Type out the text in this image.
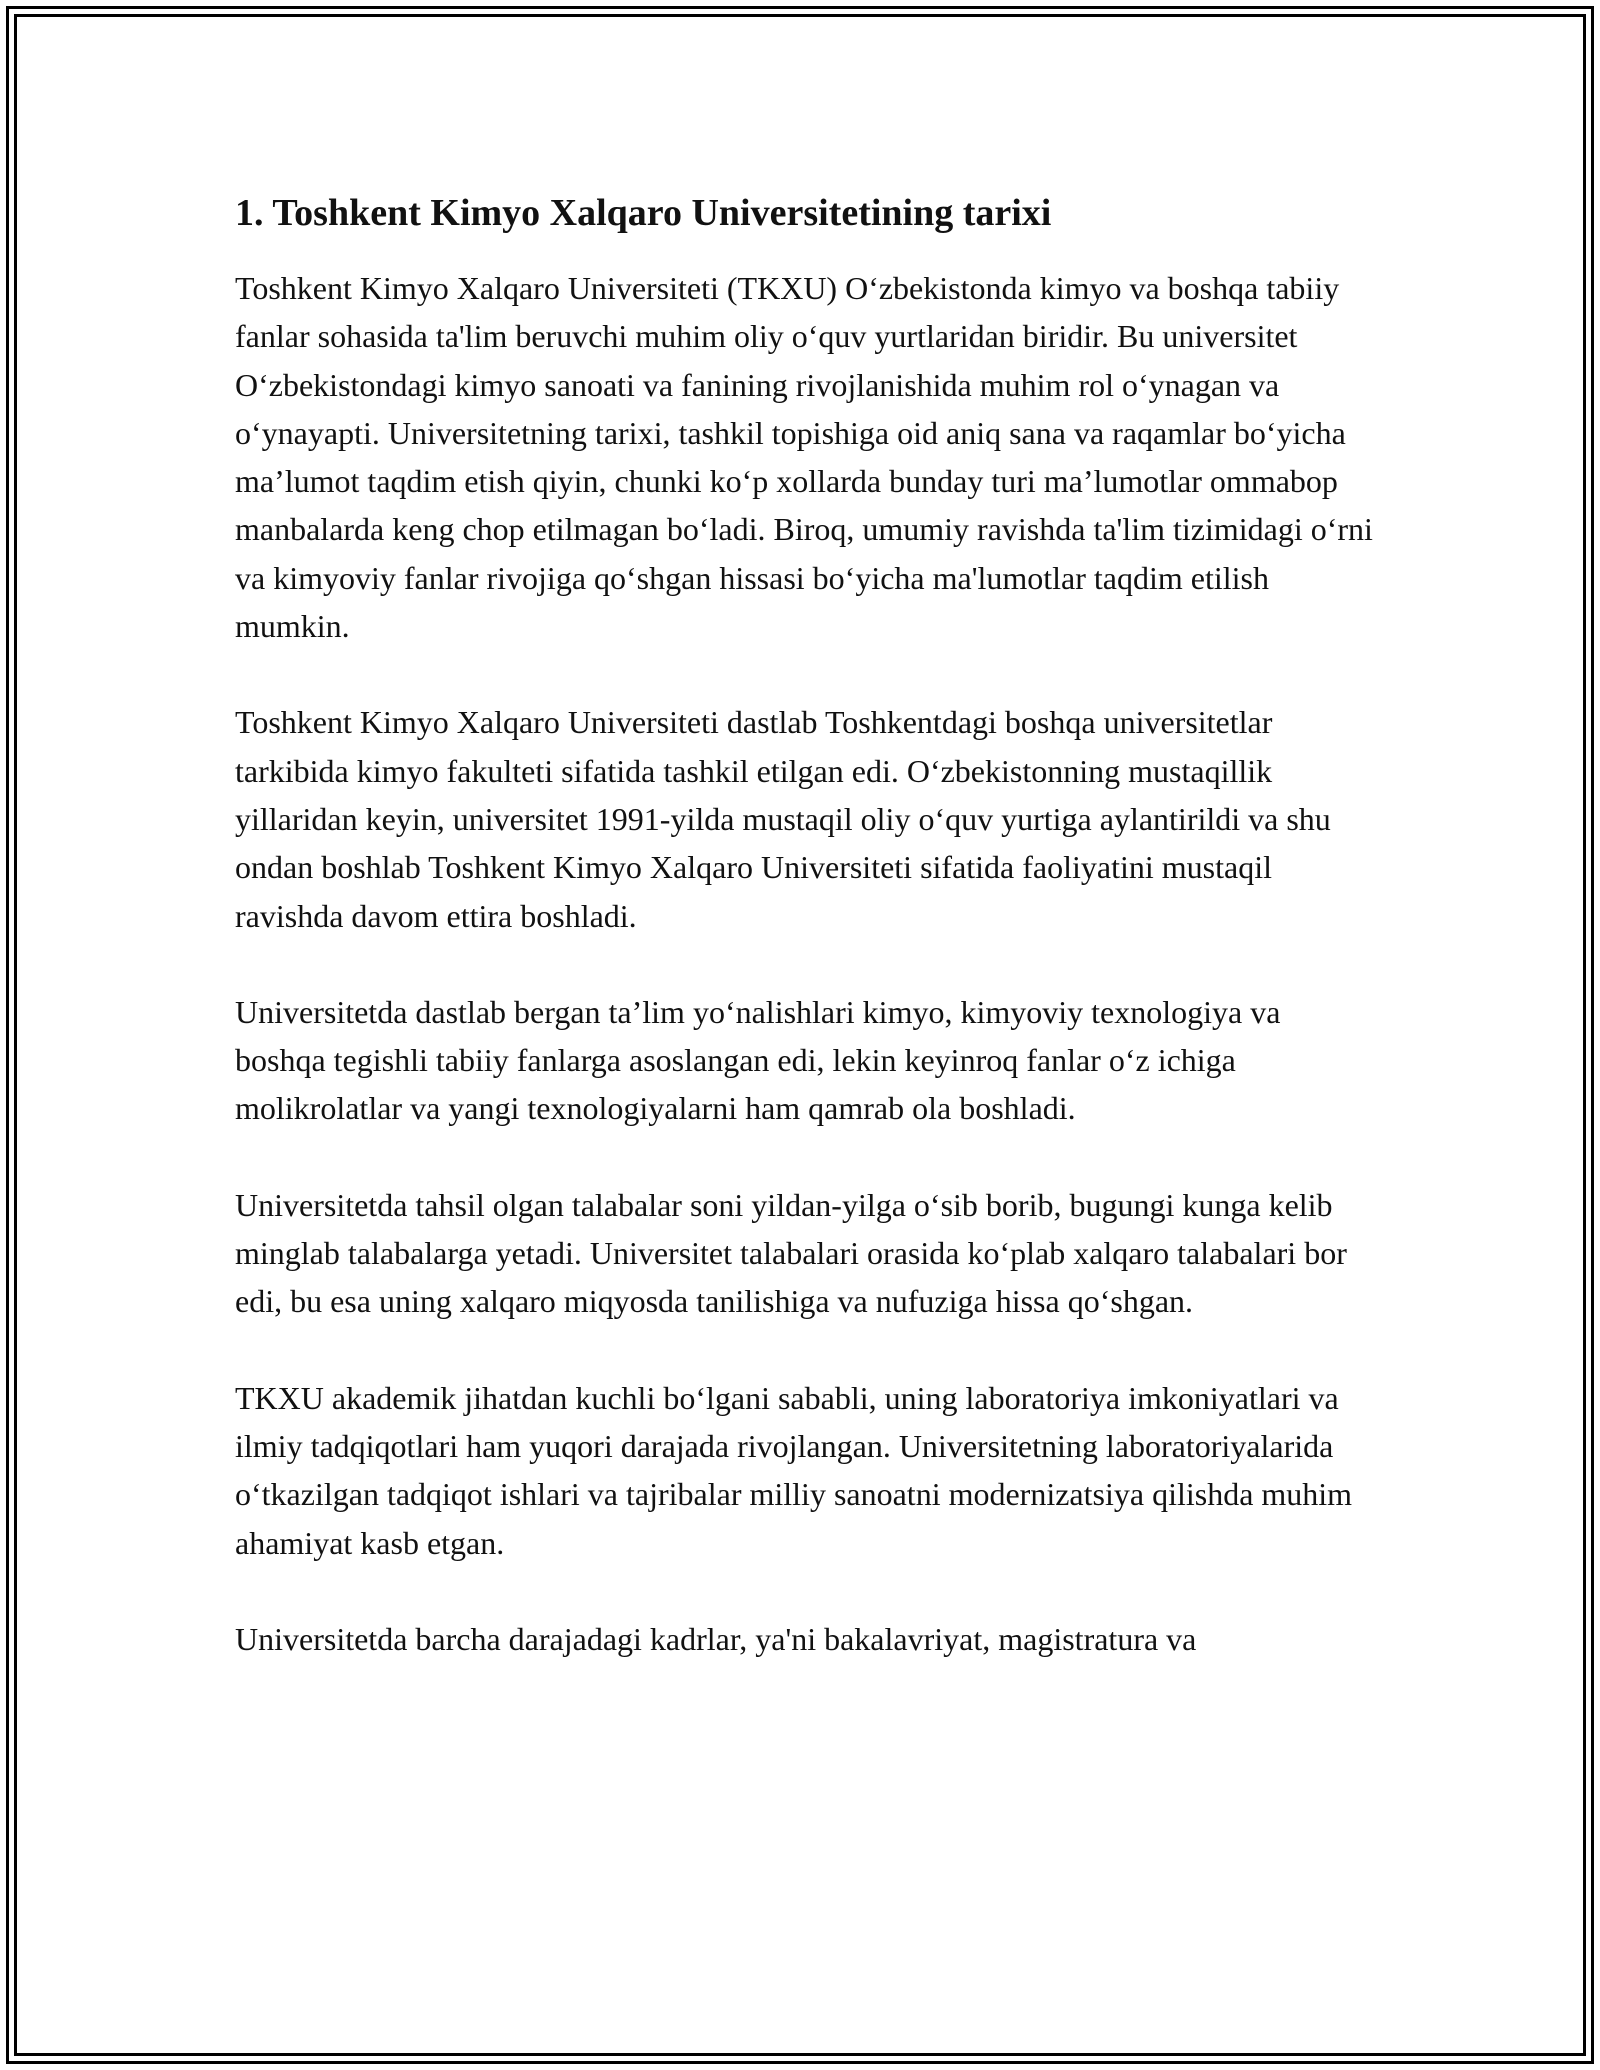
1. Toshkent Kimyo Xalqaro Universitetining tarixi

Toshkent Kimyo Xalqaro Universiteti (TKXU) O‘zbekistonda kimyo va boshqa tabiiy fanlar sohasida ta'lim beruvchi muhim oliy o‘quv yurtlaridan biridir. Bu universitet O‘zbekistondagi kimyo sanoati va fanining rivojlanishida muhim rol o‘ynagan va o‘ynayapti. Universitetning tarixi, tashkil topishiga oid aniq sana va raqamlar bo‘yicha ma’lumot taqdim etish qiyin, chunki ko‘p xollarda bunday turi ma’lumotlar ommabop manbalarda keng chop etilmagan bo‘ladi. Biroq, umumiy ravishda ta'lim tizimidagi o‘rni va kimyoviy fanlar rivojiga qo‘shgan hissasi bo‘yicha ma'lumotlar taqdim etilish mumkin.

Toshkent Kimyo Xalqaro Universiteti dastlab Toshkentdagi boshqa universitetlar tarkibida kimyo fakulteti sifatida tashkil etilgan edi. O‘zbekistonning mustaqillik yillaridan keyin, universitet 1991-yilda mustaqil oliy o‘quv yurtiga aylantirildi va shu ondan boshlab Toshkent Kimyo Xalqaro Universiteti sifatida faoliyatini mustaqil ravishda davom ettira boshladi.

Universitetda dastlab bergan ta’lim yo‘nalishlari kimyo, kimyoviy texnologiya va boshqa tegishli tabiiy fanlarga asoslangan edi, lekin keyinroq fanlar o‘z ichiga molikrolatlar va yangi texnologiyalarni ham qamrab ola boshladi.

Universitetda tahsil olgan talabalar soni yildan-yilga o‘sib borib, bugungi kunga kelib minglab talabalarga yetadi. Universitet talabalari orasida ko‘plab xalqaro talabalari bor edi, bu esa uning xalqaro miqyosda tanilishiga va nufuziga hissa qo‘shgan.

TKXU akademik jihatdan kuchli bo‘lgani sababli, uning laboratoriya imkoniyatlari va ilmiy tadqiqotlari ham yuqori darajada rivojlangan. Universitetning laboratoriyalarida o‘tkazilgan tadqiqot ishlari va tajribalar milliy sanoatni modernizatsiya qilishda muhim ahamiyat kasb etgan.

Universitetda barcha darajadagi kadrlar, ya'ni bakalavriyat, magistratura va
